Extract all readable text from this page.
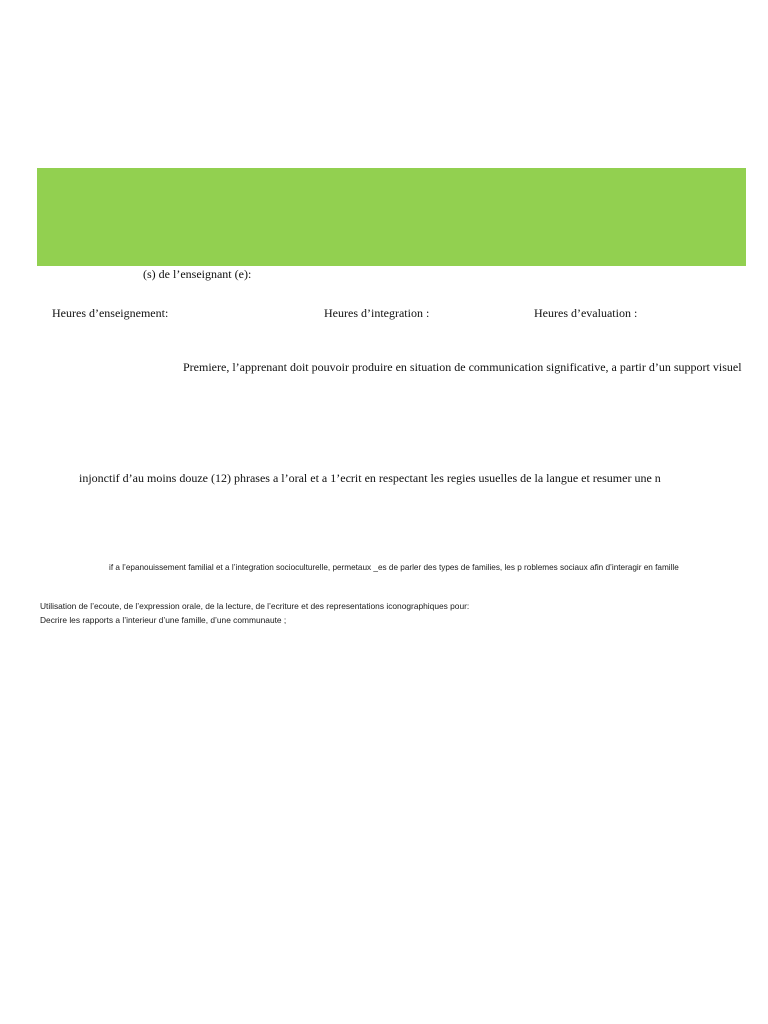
(s) de l’enseignant (e):

Heures d’enseignement:	Heures d’integration :	Heures d’evaluation :

Premiere, l’apprenant doit pouvoir produire en situation de communication significative, a partir d’un support visuel

injonctif d’au moins douze (12) phrases a l’oral et a 1’ecrit en respectant les regies usuelles de la langue et resumer une n

if a l’epanouissement familial et a l’integration socioculturelle, permetaux _es de parler des types de families, les p roblemes sociaux afin d’interagir en famille

Utilisation de l’ecoute, de l’expression orale, de la lecture, de l’ecriture et des representations iconographiques pour:

Decrire les rapports a l’interieur d’une famille, d’une communaute ;
